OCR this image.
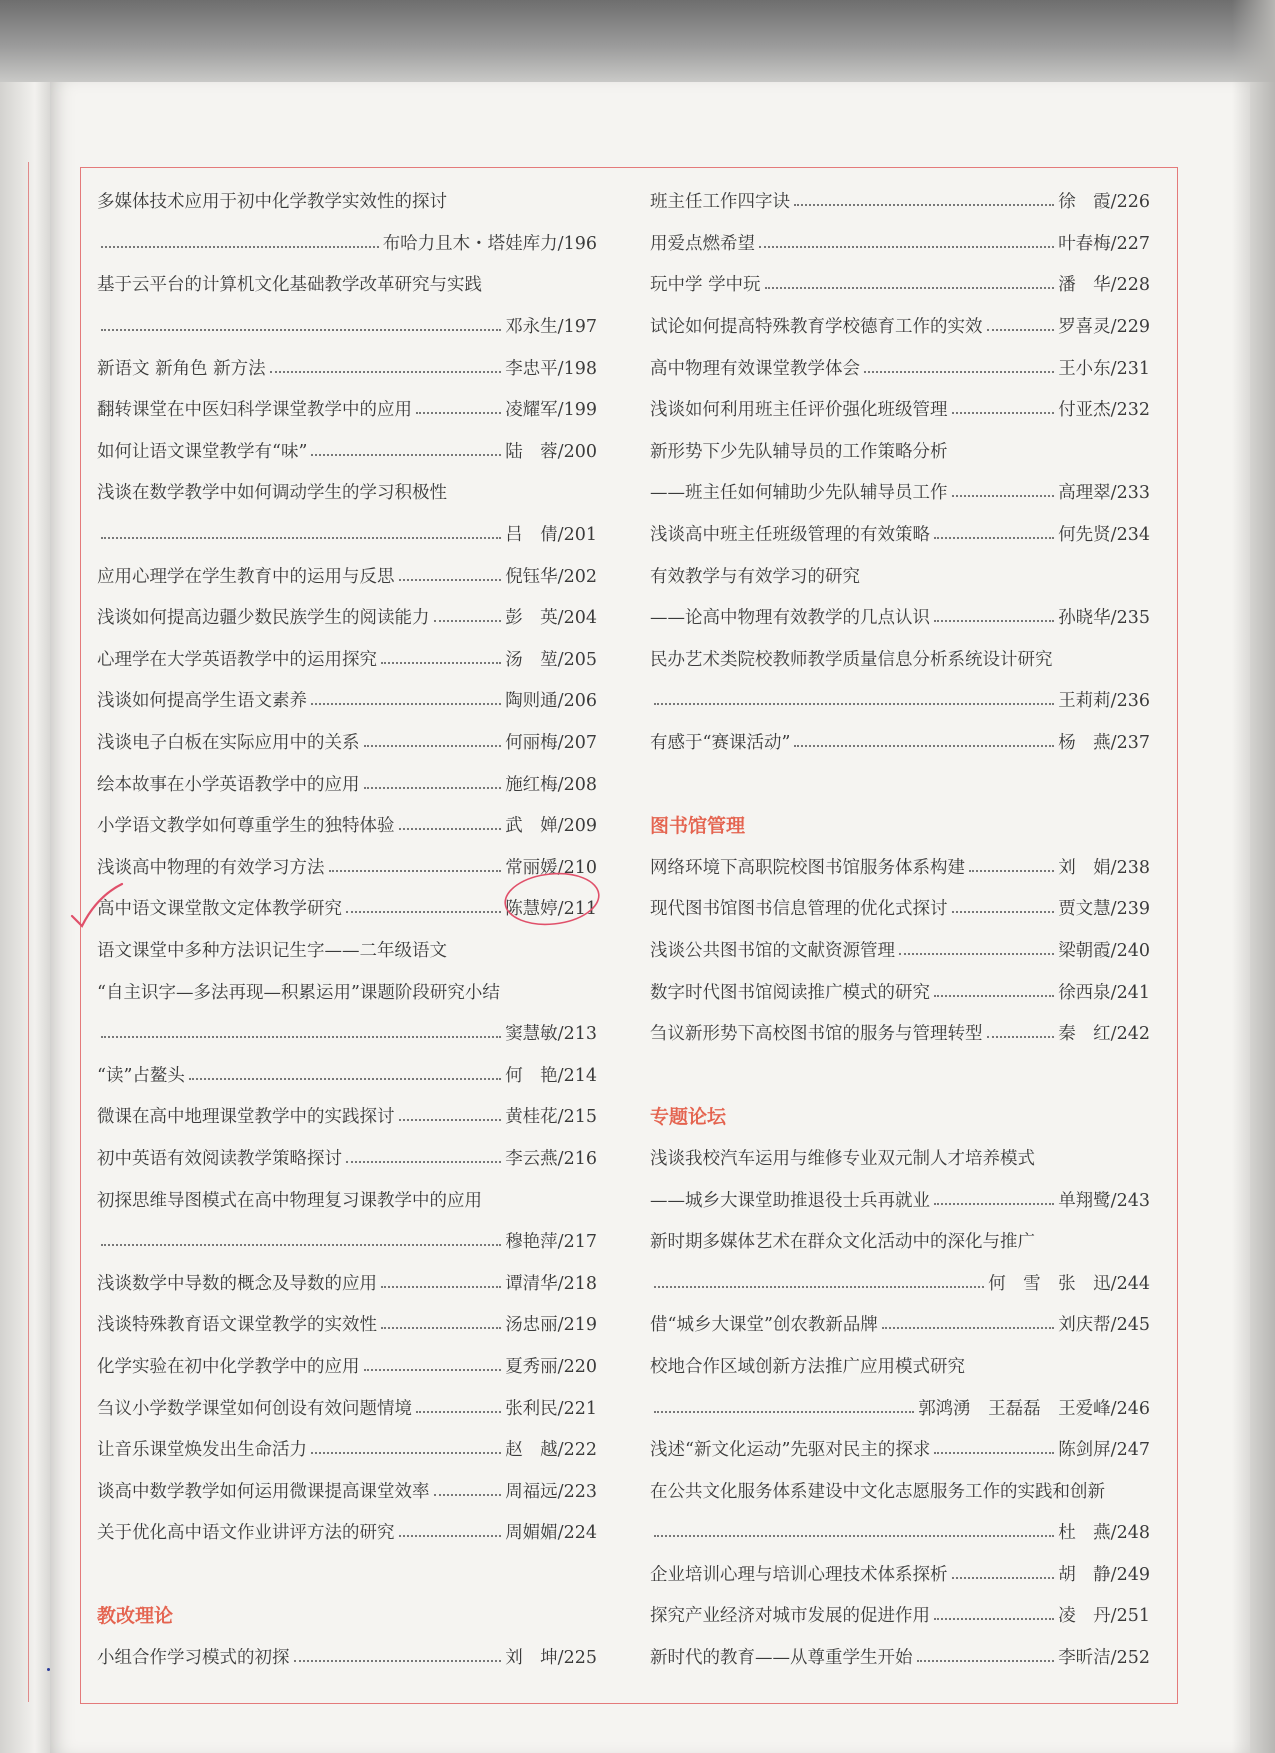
多媒体技术应用于初中化学教学实效性的探讨
布哈力且木・塔娃库力/196
基于云平台的计算机文化基础教学改革研究与实践
邓永生/197
新语文 新角色 新方法	李忠平/198
翻转课堂在中医妇科学课堂教学中的应用	凌耀军/199
如何让语文课堂教学有“味”	陆　蓉/200
浅谈在数学教学中如何调动学生的学习积极性
吕　倩/201
应用心理学在学生教育中的运用与反思	倪钰华/202
浅谈如何提高边疆少数民族学生的阅读能力	彭　英/204
心理学在大学英语教学中的运用探究	汤　堃/205
浅谈如何提高学生语文素养	陶则通/206
浅谈电子白板在实际应用中的关系	何丽梅/207
绘本故事在小学英语教学中的应用	施红梅/208
小学语文教学如何尊重学生的独特体验	武　婵/209
浅谈高中物理的有效学习方法	常丽媛/210
高中语文课堂散文定体教学研究	陈慧婷/211
语文课堂中多种方法识记生字——二年级语文
“自主识字—多法再现—积累运用”课题阶段研究小结
窦慧敏/213
“读”占鳌头	何　艳/214
微课在高中地理课堂教学中的实践探讨	黄桂花/215
初中英语有效阅读教学策略探讨	李云燕/216
初探思维导图模式在高中物理复习课教学中的应用
穆艳萍/217
浅谈数学中导数的概念及导数的应用	谭清华/218
浅谈特殊教育语文课堂教学的实效性	汤忠丽/219
化学实验在初中化学教学中的应用	夏秀丽/220
刍议小学数学课堂如何创设有效问题情境	张利民/221
让音乐课堂焕发出生命活力	赵　越/222
谈高中数学教学如何运用微课提高课堂效率	周福远/223
关于优化高中语文作业讲评方法的研究	周媚媚/224
教改理论
小组合作学习模式的初探	刘　坤/225
班主任工作四字诀	徐　霞/226
用爱点燃希望	叶春梅/227
玩中学 学中玩	潘　华/228
试论如何提高特殊教育学校德育工作的实效	罗喜灵/229
高中物理有效课堂教学体会	王小东/231
浅谈如何利用班主任评价强化班级管理	付亚杰/232
新形势下少先队辅导员的工作策略分析
——班主任如何辅助少先队辅导员工作	高理翠/233
浅谈高中班主任班级管理的有效策略	何先贤/234
有效教学与有效学习的研究
——论高中物理有效教学的几点认识	孙晓华/235
民办艺术类院校教师教学质量信息分析系统设计研究
王莉莉/236
有感于“赛课活动”	杨　燕/237
图书馆管理
网络环境下高职院校图书馆服务体系构建	刘　娟/238
现代图书馆图书信息管理的优化式探讨	贾文慧/239
浅谈公共图书馆的文献资源管理	梁朝霞/240
数字时代图书馆阅读推广模式的研究	徐西泉/241
刍议新形势下高校图书馆的服务与管理转型	秦　红/242
专题论坛
浅谈我校汽车运用与维修专业双元制人才培养模式
——城乡大课堂助推退役士兵再就业	单翔鹭/243
新时期多媒体艺术在群众文化活动中的深化与推广
何　雪　张　迅/244
借“城乡大课堂”创农教新品牌	刘庆帮/245
校地合作区域创新方法推广应用模式研究
郭鸿湧　王磊磊　王爱峰/246
浅述“新文化运动”先驱对民主的探求	陈剑屏/247
在公共文化服务体系建设中文化志愿服务工作的实践和创新
杜　燕/248
企业培训心理与培训心理技术体系探析	胡　静/249
探究产业经济对城市发展的促进作用	凌　丹/251
新时代的教育——从尊重学生开始	李昕洁/252
